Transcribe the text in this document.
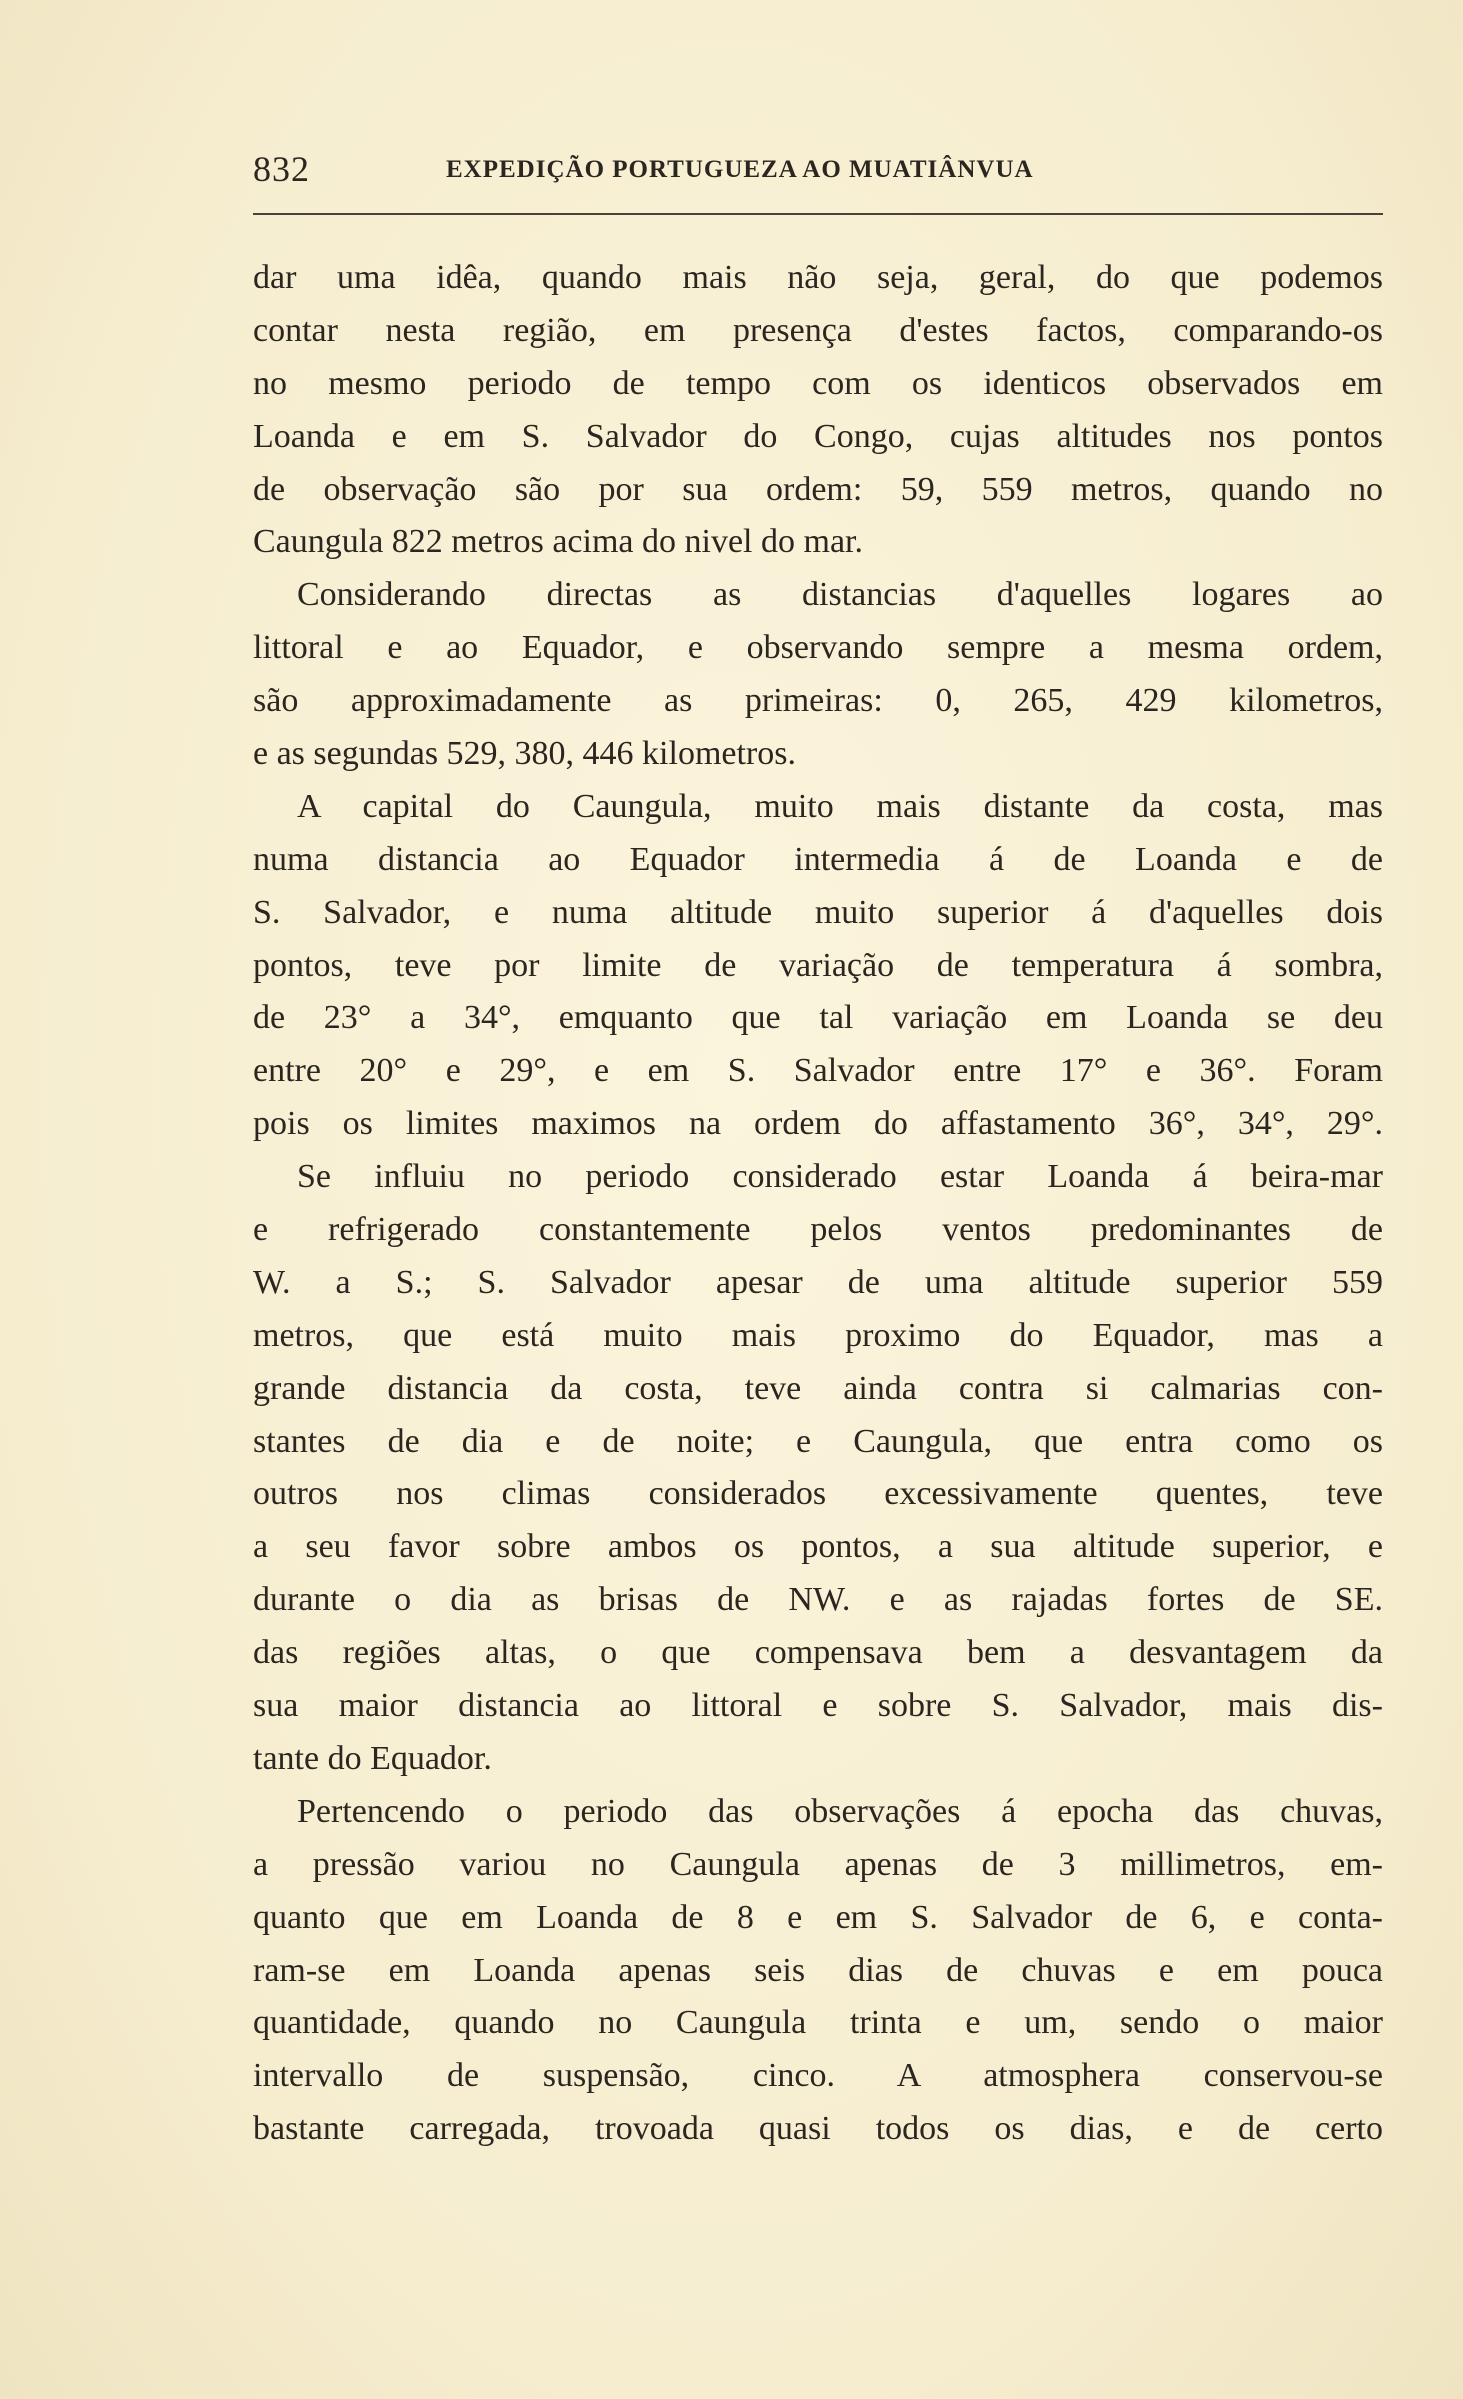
832	EXPEDIÇÃO PORTUGUEZA AO MUATIÂNVUA
dar uma idêa, quando mais não seja, geral, do que podemos
contar nesta região, em presença d'estes factos, comparando-os
no mesmo periodo de tempo com os identicos observados em
Loanda e em S. Salvador do Congo, cujas altitudes nos pontos
de observação são por sua ordem: 59, 559 metros, quando no
Caungula 822 metros acima do nivel do mar.
Considerando directas as distancias d'aquelles logares ao
littoral e ao Equador, e observando sempre a mesma ordem,
são approximadamente as primeiras: 0, 265, 429 kilometros,
e as segundas 529, 380, 446 kilometros.
A capital do Caungula, muito mais distante da costa, mas
numa distancia ao Equador intermedia á de Loanda e de
S. Salvador, e numa altitude muito superior á d'aquelles dois
pontos, teve por limite de variação de temperatura á sombra,
de 23° a 34°, emquanto que tal variação em Loanda se deu
entre 20° e 29°, e em S. Salvador entre 17° e 36°. Foram
pois os limites maximos na ordem do affastamento 36°, 34°, 29°.
Se influiu no periodo considerado estar Loanda á beira-mar
e refrigerado constantemente pelos ventos predominantes de
W. a S.; S. Salvador apesar de uma altitude superior 559
metros, que está muito mais proximo do Equador, mas a
grande distancia da costa, teve ainda contra si calmarias con-
stantes de dia e de noite; e Caungula, que entra como os
outros nos climas considerados excessivamente quentes, teve
a seu favor sobre ambos os pontos, a sua altitude superior, e
durante o dia as brisas de NW. e as rajadas fortes de SE.
das regiões altas, o que compensava bem a desvantagem da
sua maior distancia ao littoral e sobre S. Salvador, mais dis-
tante do Equador.
Pertencendo o periodo das observações á epocha das chuvas,
a pressão variou no Caungula apenas de 3 millimetros, em-
quanto que em Loanda de 8 e em S. Salvador de 6, e conta-
ram-se em Loanda apenas seis dias de chuvas e em pouca
quantidade, quando no Caungula trinta e um, sendo o maior
intervallo de suspensão, cinco. A atmosphera conservou-se
bastante carregada, trovoada quasi todos os dias, e de certo
